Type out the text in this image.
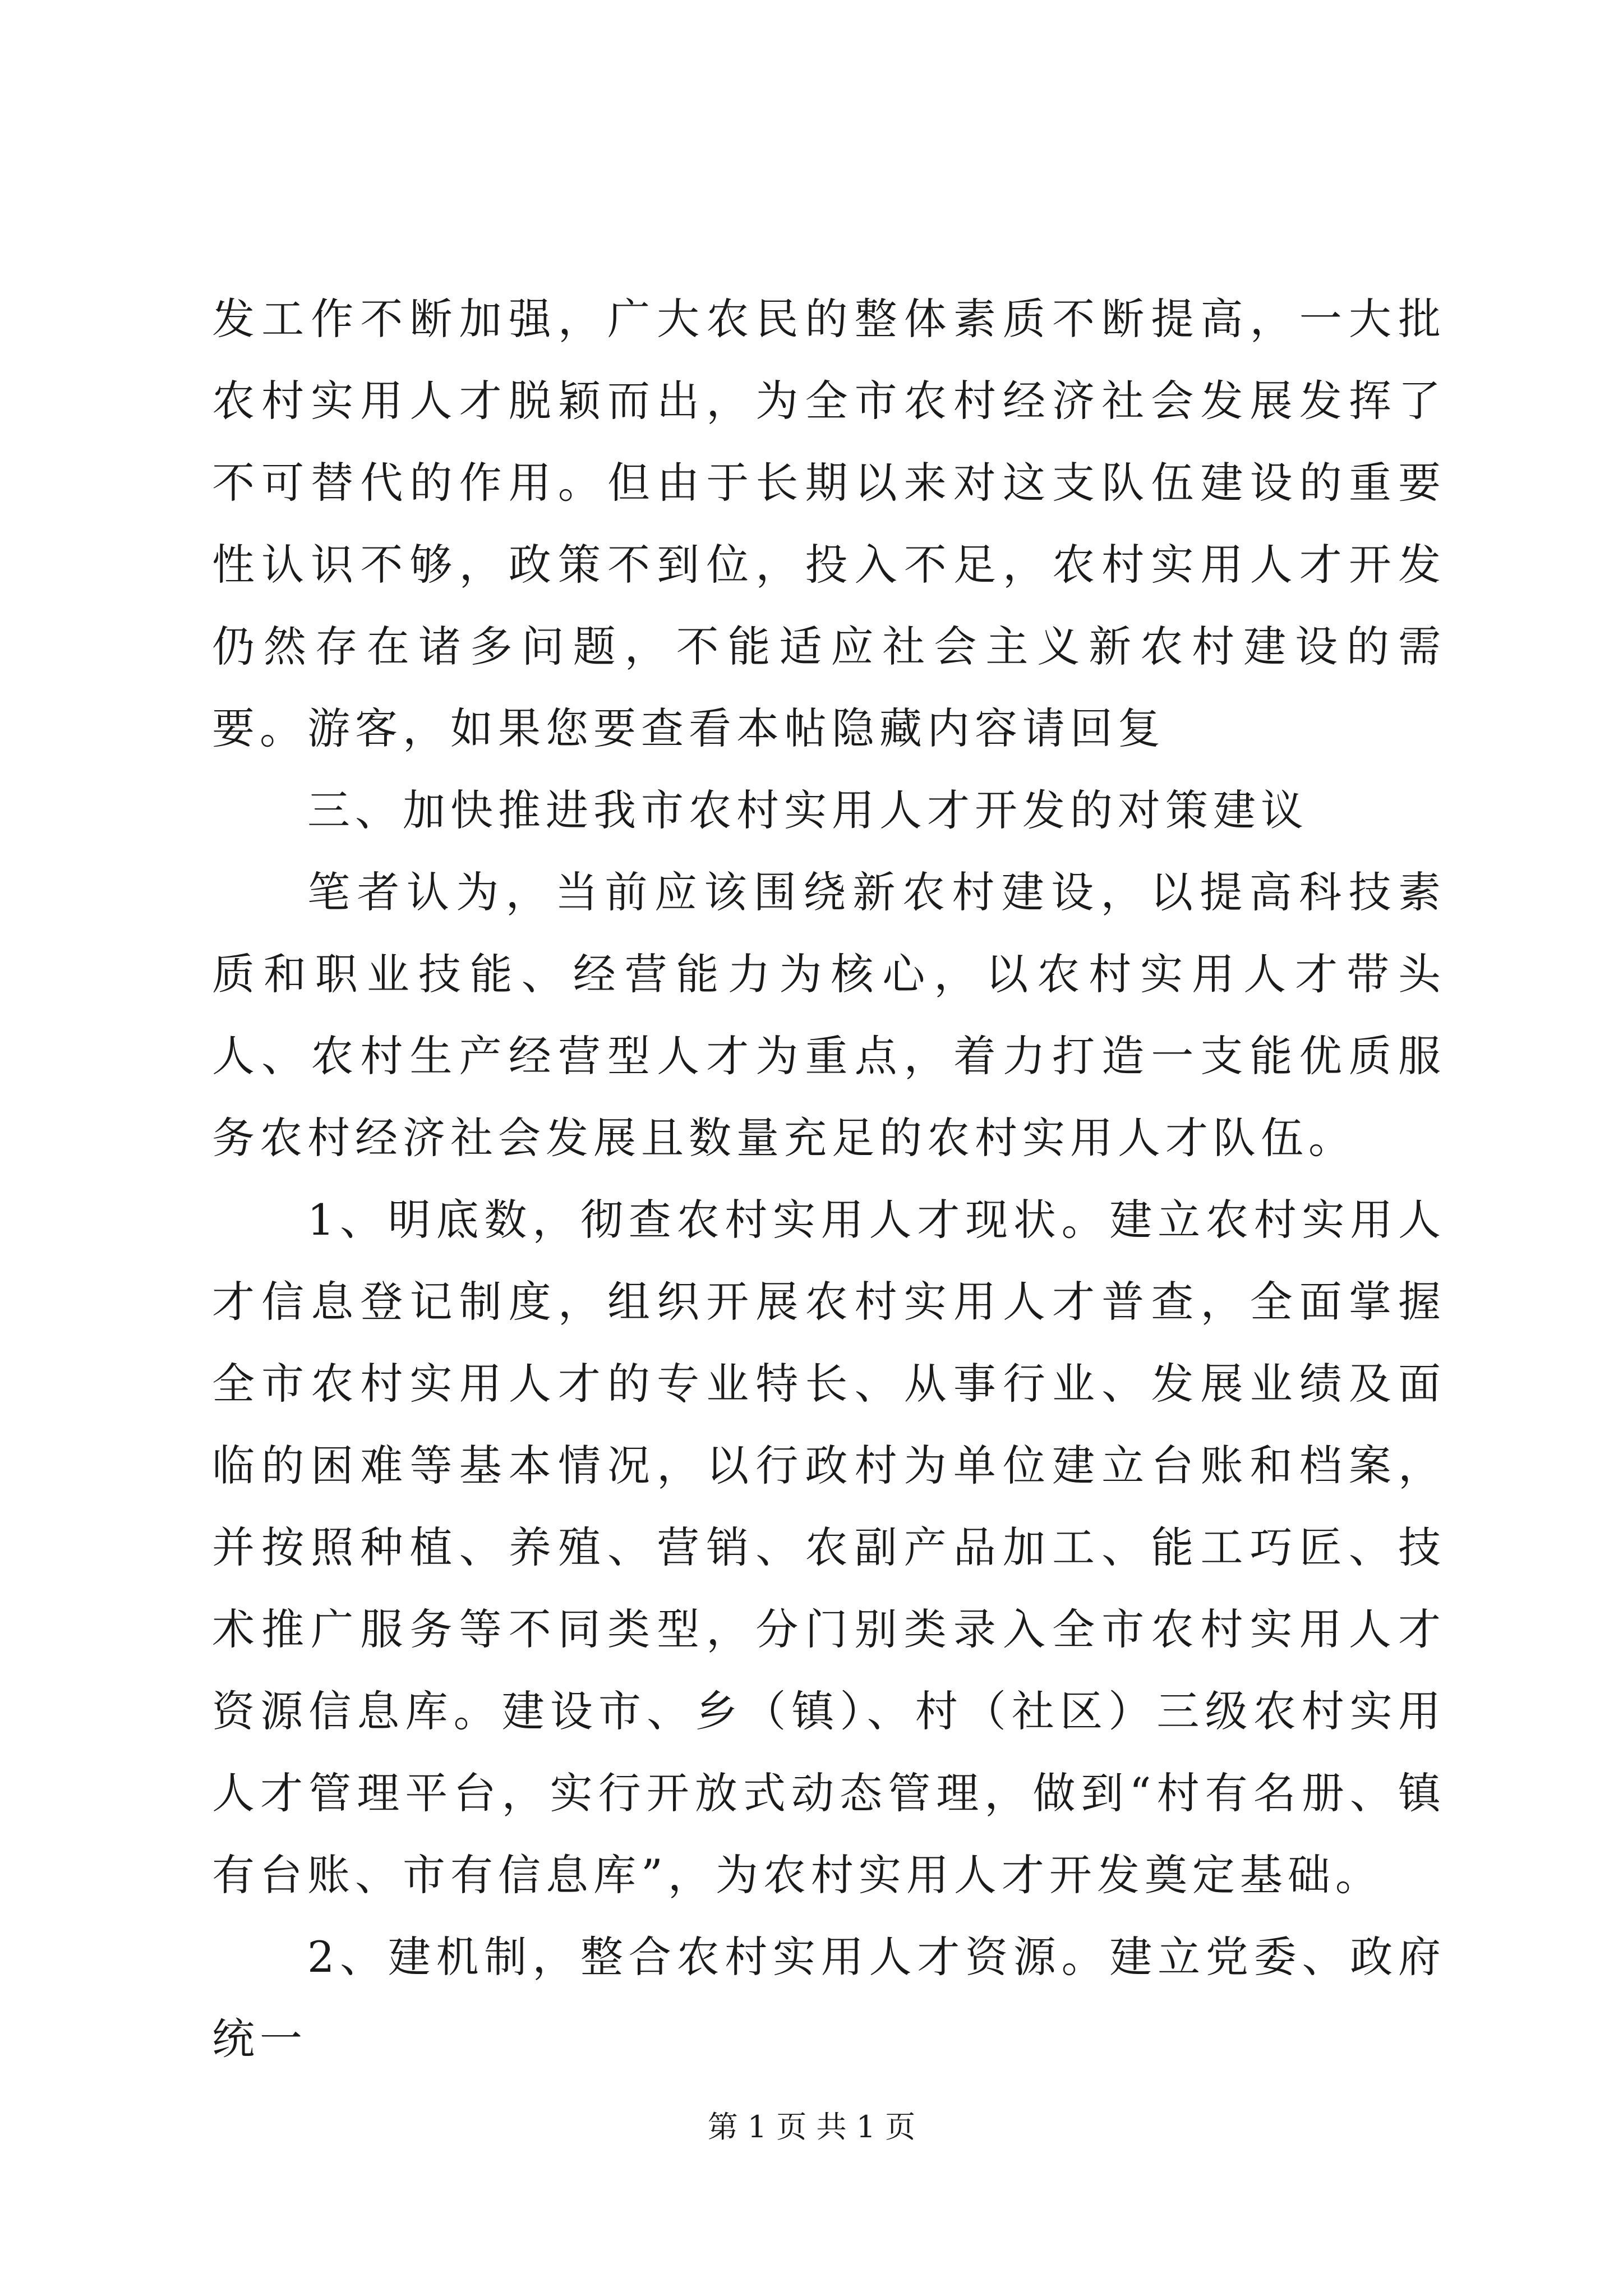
发工作不断加强，广大农民的整体素质不断提高，一大批农村实用人才脱颖而出，为全市农村经济社会发展发挥了不可替代的作用。但由于长期以来对这支队伍建设的重要性认识不够，政策不到位，投入不足，农村实用人才开发仍然存在诸多问题，不能适应社会主义新农村建设的需要。游客，如果您要查看本帖隐藏内容请回复

三、加快推进我市农村实用人才开发的对策建议

笔者认为，当前应该围绕新农村建设，以提高科技素质和职业技能、经营能力为核心，以农村实用人才带头人、农村生产经营型人才为重点，着力打造一支能优质服务农村经济社会发展且数量充足的农村实用人才队伍。

1、明底数，彻查农村实用人才现状。建立农村实用人才信息登记制度，组织开展农村实用人才普查，全面掌握全市农村实用人才的专业特长、从事行业、发展业绩及面临的困难等基本情况，以行政村为单位建立台账和档案，并按照种植、养殖、营销、农副产品加工、能工巧匠、技术推广服务等不同类型，分门别类录入全市农村实用人才资源信息库。建设市、乡（镇）、村（社区）三级农村实用人才管理平台，实行开放式动态管理，做到“村有名册、镇有台账、市有信息库”，为农村实用人才开发奠定基础。

2、建机制，整合农村实用人才资源。建立党委、政府统一

第 1 页 共 1 页
